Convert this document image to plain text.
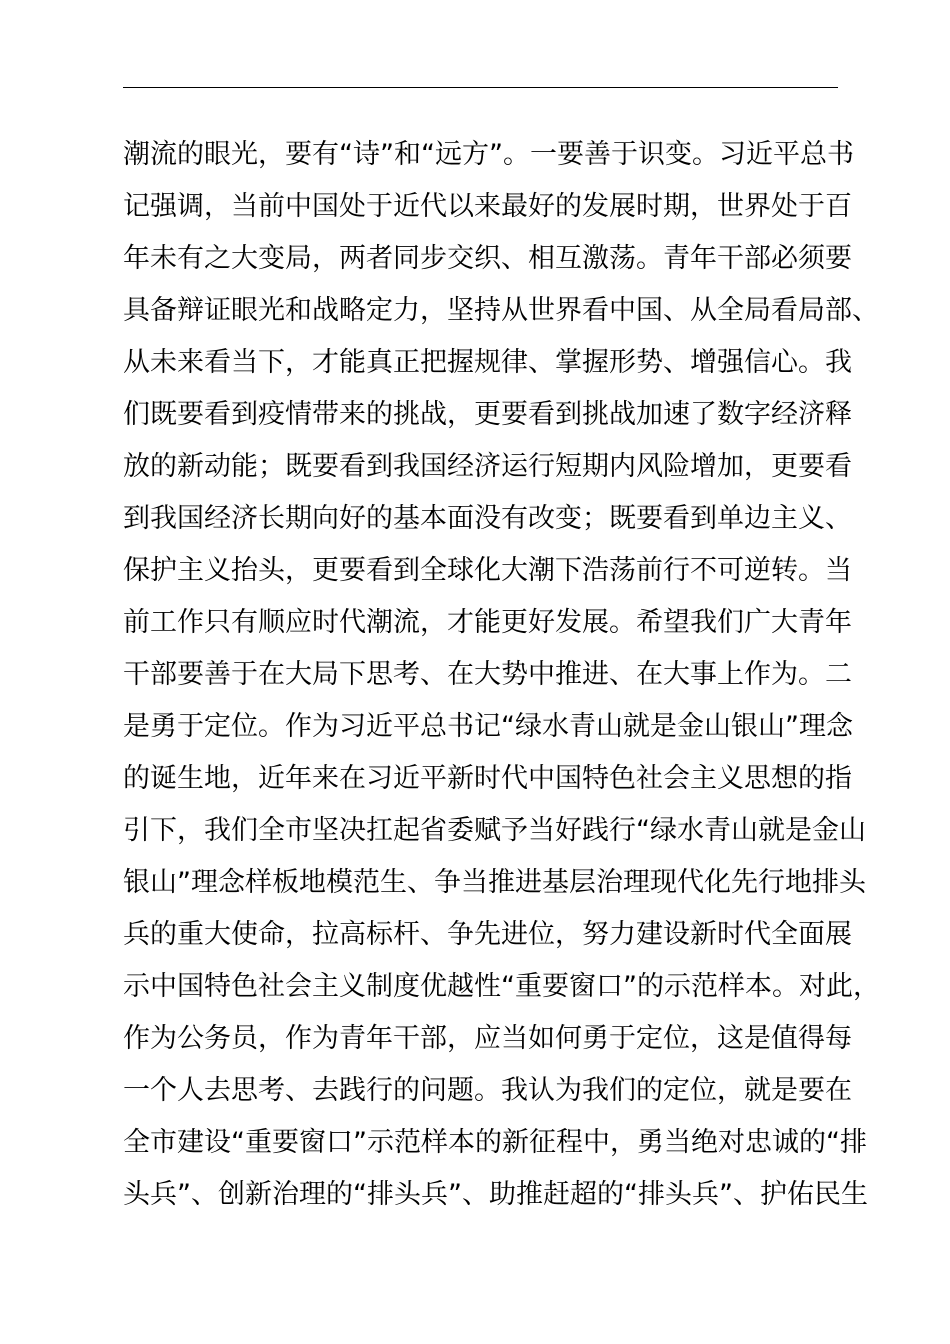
潮流的眼光，要有“诗”和“远方”。一要善于识变。习近平总书
记强调，当前中国处于近代以来最好的发展时期，世界处于百
年未有之大变局，两者同步交织、相互激荡。青年干部必须要
具备辩证眼光和战略定力，坚持从世界看中国、从全局看局部、
从未来看当下，才能真正把握规律、掌握形势、增强信心。我
们既要看到疫情带来的挑战，更要看到挑战加速了数字经济释
放的新动能；既要看到我国经济运行短期内风险增加，更要看
到我国经济长期向好的基本面没有改变；既要看到单边主义、
保护主义抬头，更要看到全球化大潮下浩荡前行不可逆转。当
前工作只有顺应时代潮流，才能更好发展。希望我们广大青年
干部要善于在大局下思考、在大势中推进、在大事上作为。二
是勇于定位。作为习近平总书记“绿水青山就是金山银山”理念
的诞生地，近年来在习近平新时代中国特色社会主义思想的指
引下，我们全市坚决扛起省委赋予当好践行“绿水青山就是金山
银山”理念样板地模范生、争当推进基层治理现代化先行地排头
兵的重大使命，拉高标杆、争先进位，努力建设新时代全面展
示中国特色社会主义制度优越性“重要窗口”的示范样本。对此，
作为公务员，作为青年干部，应当如何勇于定位，这是值得每
一个人去思考、去践行的问题。我认为我们的定位，就是要在
全市建设“重要窗口”示范样本的新征程中，勇当绝对忠诚的“排
头兵”、创新治理的“排头兵”、助推赶超的“排头兵”、护佑民生
